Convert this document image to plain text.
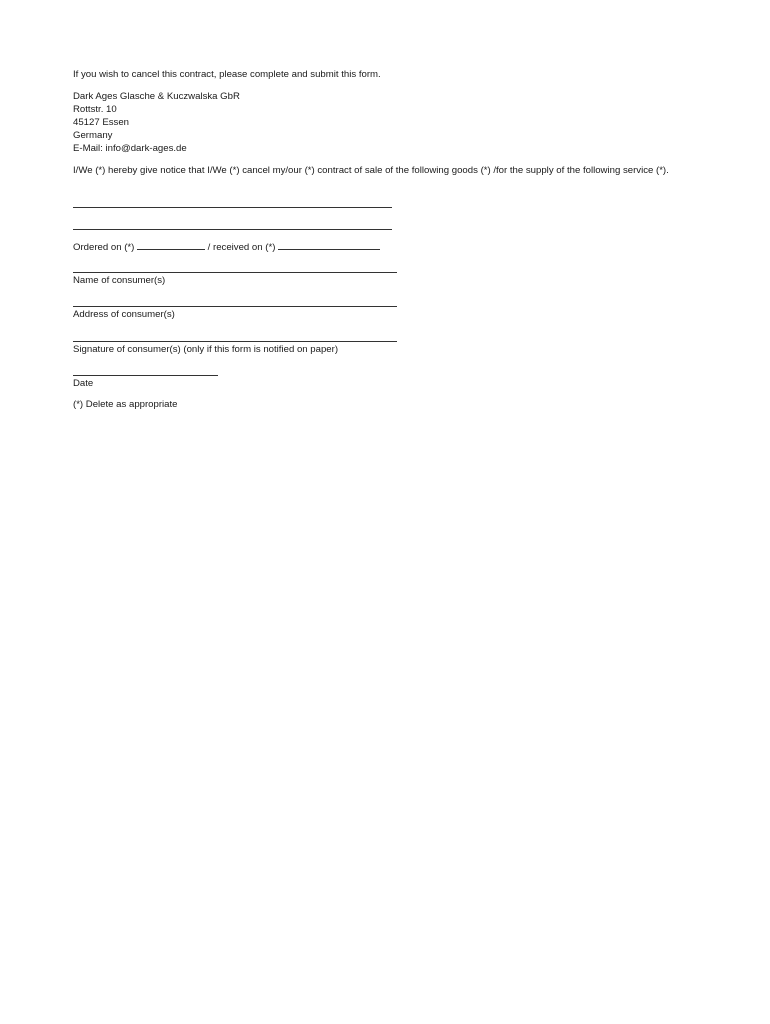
If you wish to cancel this contract, please complete and submit this form.
Dark Ages Glasche & Kuczwalska GbR
Rottstr. 10
45127 Essen
Germany
E-Mail: info@dark-ages.de
I/We (*) hereby give notice that I/We (*) cancel my/our (*) contract of sale of the following goods (*) /for the supply of the following service (*).
Ordered on (*)	/ received on (*)
Name of consumer(s)
Address of consumer(s)
Signature of consumer(s) (only if this form is notified on paper)
Date
(*) Delete as appropriate
